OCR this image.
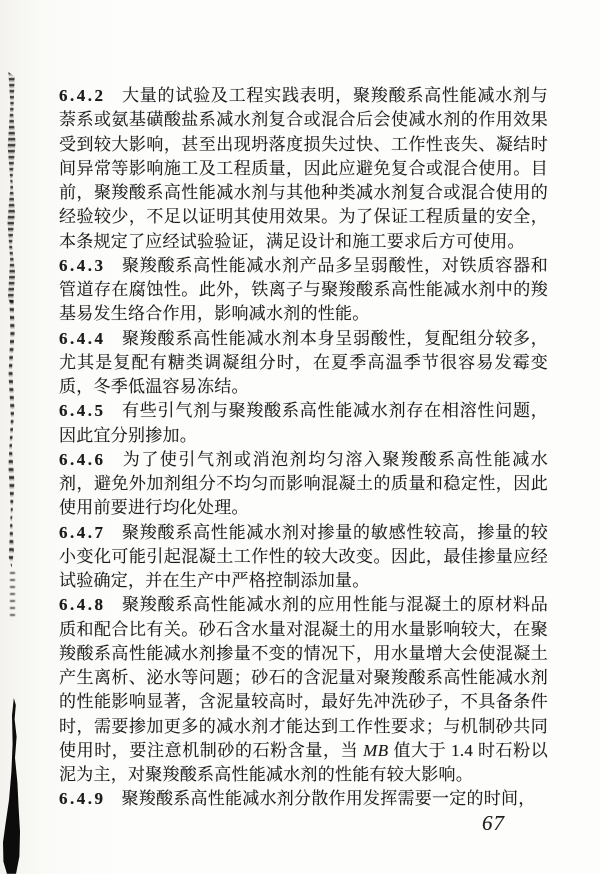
6.4.2 大量的试验及工程实践表明，聚羧酸系高性能减水剂与萘系或氨基磺酸盐系减水剂复合或混合后会使减水剂的作用效果受到较大影响，甚至出现坍落度损失过快、工作性丧失、凝结时间异常等影响施工及工程质量，因此应避免复合或混合使用。目前，聚羧酸系高性能减水剂与其他种类减水剂复合或混合使用的经验较少，不足以证明其使用效果。为了保证工程质量的安全，本条规定了应经试验验证，满足设计和施工要求后方可使用。

6.4.3 聚羧酸系高性能减水剂产品多呈弱酸性，对铁质容器和管道存在腐蚀性。此外，铁离子与聚羧酸系高性能减水剂中的羧基易发生络合作用，影响减水剂的性能。

6.4.4 聚羧酸系高性能减水剂本身呈弱酸性，复配组分较多，尤其是复配有糖类调凝组分时，在夏季高温季节很容易发霉变质，冬季低温容易冻结。

6.4.5 有些引气剂与聚羧酸系高性能减水剂存在相溶性问题，因此宜分别掺加。

6.4.6 为了使引气剂或消泡剂均匀溶入聚羧酸系高性能减水剂，避免外加剂组分不均匀而影响混凝土的质量和稳定性，因此使用前要进行均化处理。

6.4.7 聚羧酸系高性能减水剂对掺量的敏感性较高，掺量的较小变化可能引起混凝土工作性的较大改变。因此，最佳掺量应经试验确定，并在生产中严格控制添加量。

6.4.8 聚羧酸系高性能减水剂的应用性能与混凝土的原材料品质和配合比有关。砂石含水量对混凝土的用水量影响较大，在聚羧酸系高性能减水剂掺量不变的情况下，用水量增大会使混凝土产生离析、泌水等问题；砂石的含泥量对聚羧酸系高性能减水剂的性能影响显著，含泥量较高时，最好先冲洗砂子，不具备条件时，需要掺加更多的减水剂才能达到工作性要求；与机制砂共同使用时，要注意机制砂的石粉含量，当 MB 值大于 1.4 时石粉以泥为主，对聚羧酸系高性能减水剂的性能有较大影响。

6.4.9 聚羧酸系高性能减水剂分散作用发挥需要一定的时间，

67
